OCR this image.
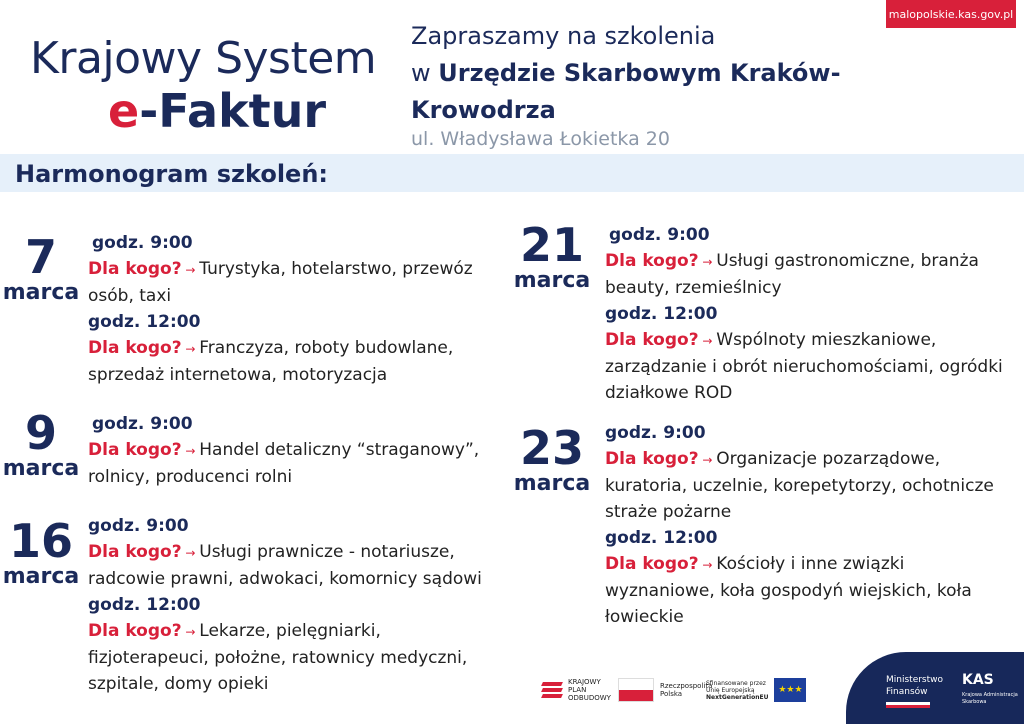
malopolskie.kas.gov.pl
Krajowy System
e-Faktur
Zapraszamy na szkolenia
w Urzędzie Skarbowym Kraków-Krowodrza
ul. Władysława Łokietka 20
Harmonogram szkoleń:
7
marca
godz. 9:00
Dla kogo? → Turystyka, hotelarstwo, przewóz osób, taxi
godz. 12:00
Dla kogo? → Franczyza, roboty budowlane, sprzedaż internetowa, motoryzacja
9
marca
godz. 9:00
Dla kogo? → Handel detaliczny “straganowy”, rolnicy, producenci rolni
16
marca
godz. 9:00
Dla kogo? → Usługi prawnicze - notariusze, radcowie prawni, adwokaci, komornicy sądowi
godz. 12:00
Dla kogo? → Lekarze, pielęgniarki, fizjoterapeuci, położne, ratownicy medyczni, szpitale, domy opieki
21
marca
godz. 9:00
Dla kogo? → Usługi gastronomiczne, branża beauty, rzemieślnicy
godz. 12:00
Dla kogo? → Wspólnoty mieszkaniowe, zarządzanie i obrót nieruchomościami, ogródki działkowe ROD
23
marca
godz. 9:00
Dla kogo? → Organizacje pozarządowe, kuratoria, uczelnie, korepetytorzy, ochotnicze straże pożarne
godz. 12:00
Dla kogo? → Kościoły i inne związki wyznaniowe, koła gospodyń wiejskich, koła łowieckie
KRAJOWY
PLAN
ODBUDOWY
Rzeczpospolita
Polska
Sfinansowane przez
Unię Europejską
NextGenerationEU
★★★
Ministerstwo
Finansów
KAS
Krajowa Administracja
Skarbowa
